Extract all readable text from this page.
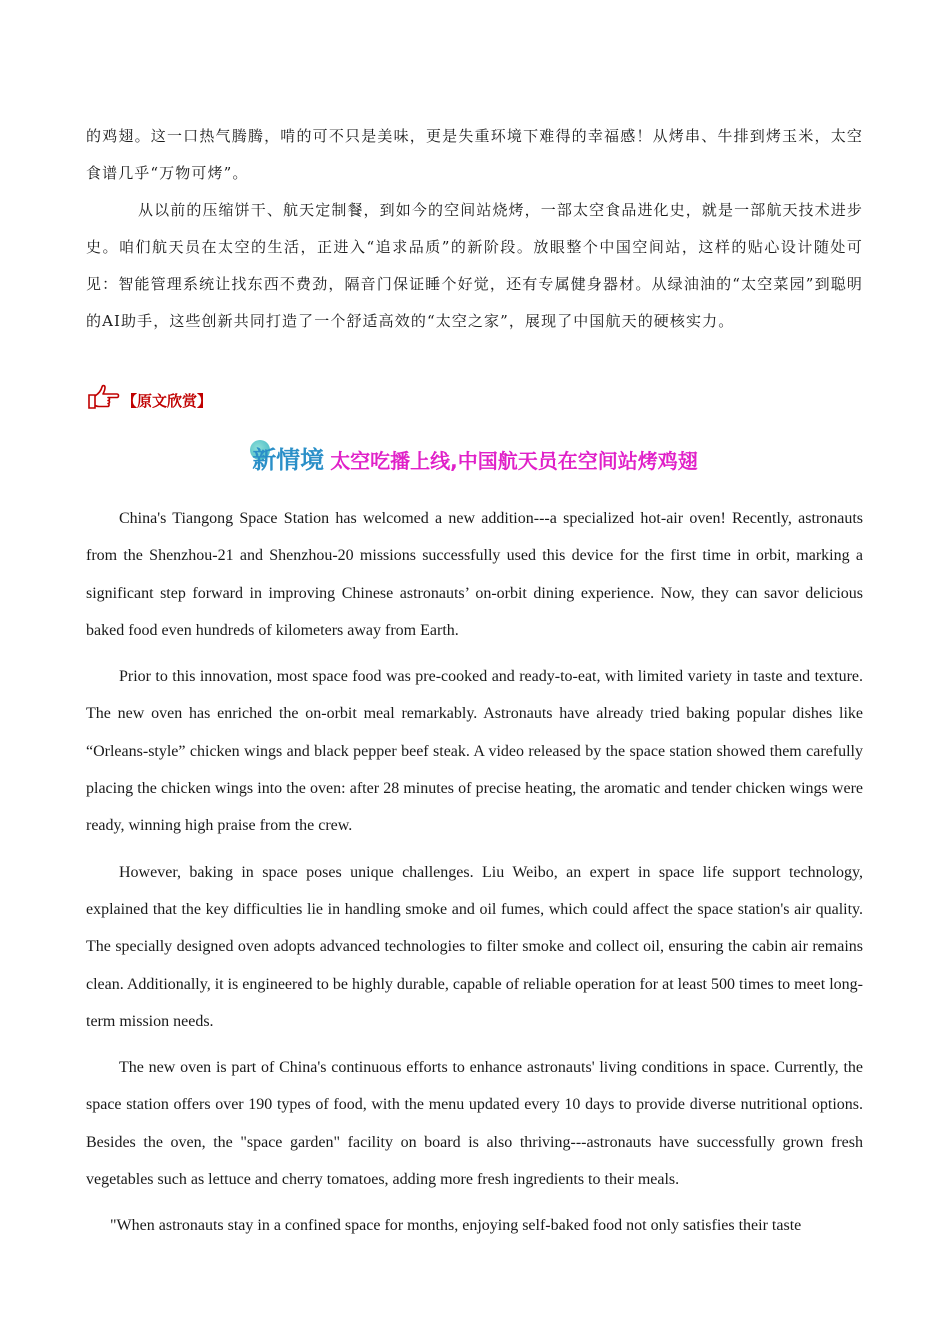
的鸡翅。这一口热气腾腾，啃的可不只是美味，更是失重环境下难得的幸福感！从烤串、牛排到烤玉米，太空食谱几乎“万物可烤”。

从以前的压缩饼干、航天定制餐，到如今的空间站烧烤，一部太空食品进化史，就是一部航天技术进步史。咱们航天员在太空的生活，正进入“追求品质”的新阶段。放眼整个中国空间站，这样的贴心设计随处可见：智能管理系统让找东西不费劲，隔音门保证睡个好觉，还有专属健身器材。从绿油油的“太空菜园”到聪明的AI助手，这些创新共同打造了一个舒适高效的“太空之家”，展现了中国航天的硬核实力。

【原文欣赏】
新情境 太空吃播上线,中国航天员在空间站烤鸡翅

China's Tiangong Space Station has welcomed a new addition---a specialized hot-air oven! Recently, astronauts from the Shenzhou-21 and Shenzhou-20 missions successfully used this device for the first time in orbit, marking a significant step forward in improving Chinese astronauts’ on-orbit dining experience. Now, they can savor delicious baked food even hundreds of kilometers away from Earth.

Prior to this innovation, most space food was pre-cooked and ready-to-eat, with limited variety in taste and texture. The new oven has enriched the on-orbit meal remarkably. Astronauts have already tried baking popular dishes like “Orleans-style” chicken wings and black pepper beef steak. A video released by the space station showed them carefully placing the chicken wings into the oven: after 28 minutes of precise heating, the aromatic and tender chicken wings were ready, winning high praise from the crew.

However, baking in space poses unique challenges. Liu Weibo, an expert in space life support technology, explained that the key difficulties lie in handling smoke and oil fumes, which could affect the space station's air quality. The specially designed oven adopts advanced technologies to filter smoke and collect oil, ensuring the cabin air remains clean. Additionally, it is engineered to be highly durable, capable of reliable operation for at least 500 times to meet long-term mission needs.

The new oven is part of China's continuous efforts to enhance astronauts' living conditions in space. Currently, the space station offers over 190 types of food, with the menu updated every 10 days to provide diverse nutritional options. Besides the oven, the "space garden" facility on board is also thriving---astronauts have successfully grown fresh vegetables such as lettuce and cherry tomatoes, adding more fresh ingredients to their meals.

"When astronauts stay in a confined space for months, enjoying self-baked food not only satisfies their taste
